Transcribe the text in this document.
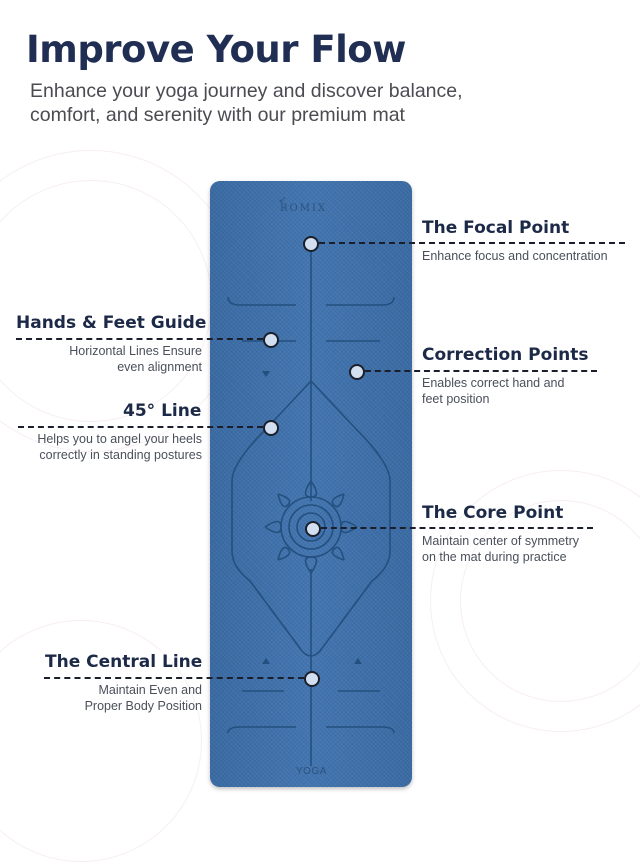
Improve Your Flow

Enhance your yoga journey and discover balance, comfort, and serenity with our premium mat

➶
ROMIX
YOGA
The Focal Point

Enhance focus and concentration

Hands & Feet Guide

Horizontal Lines Ensure

even alignment

Correction Points

Enables correct hand and

feet position

45° Line

Helps you to angel your heels

correctly in standing postures

The Core Point

Maintain center of symmetry

on the mat during practice

The Central Line

Maintain Even and

Proper Body Position
